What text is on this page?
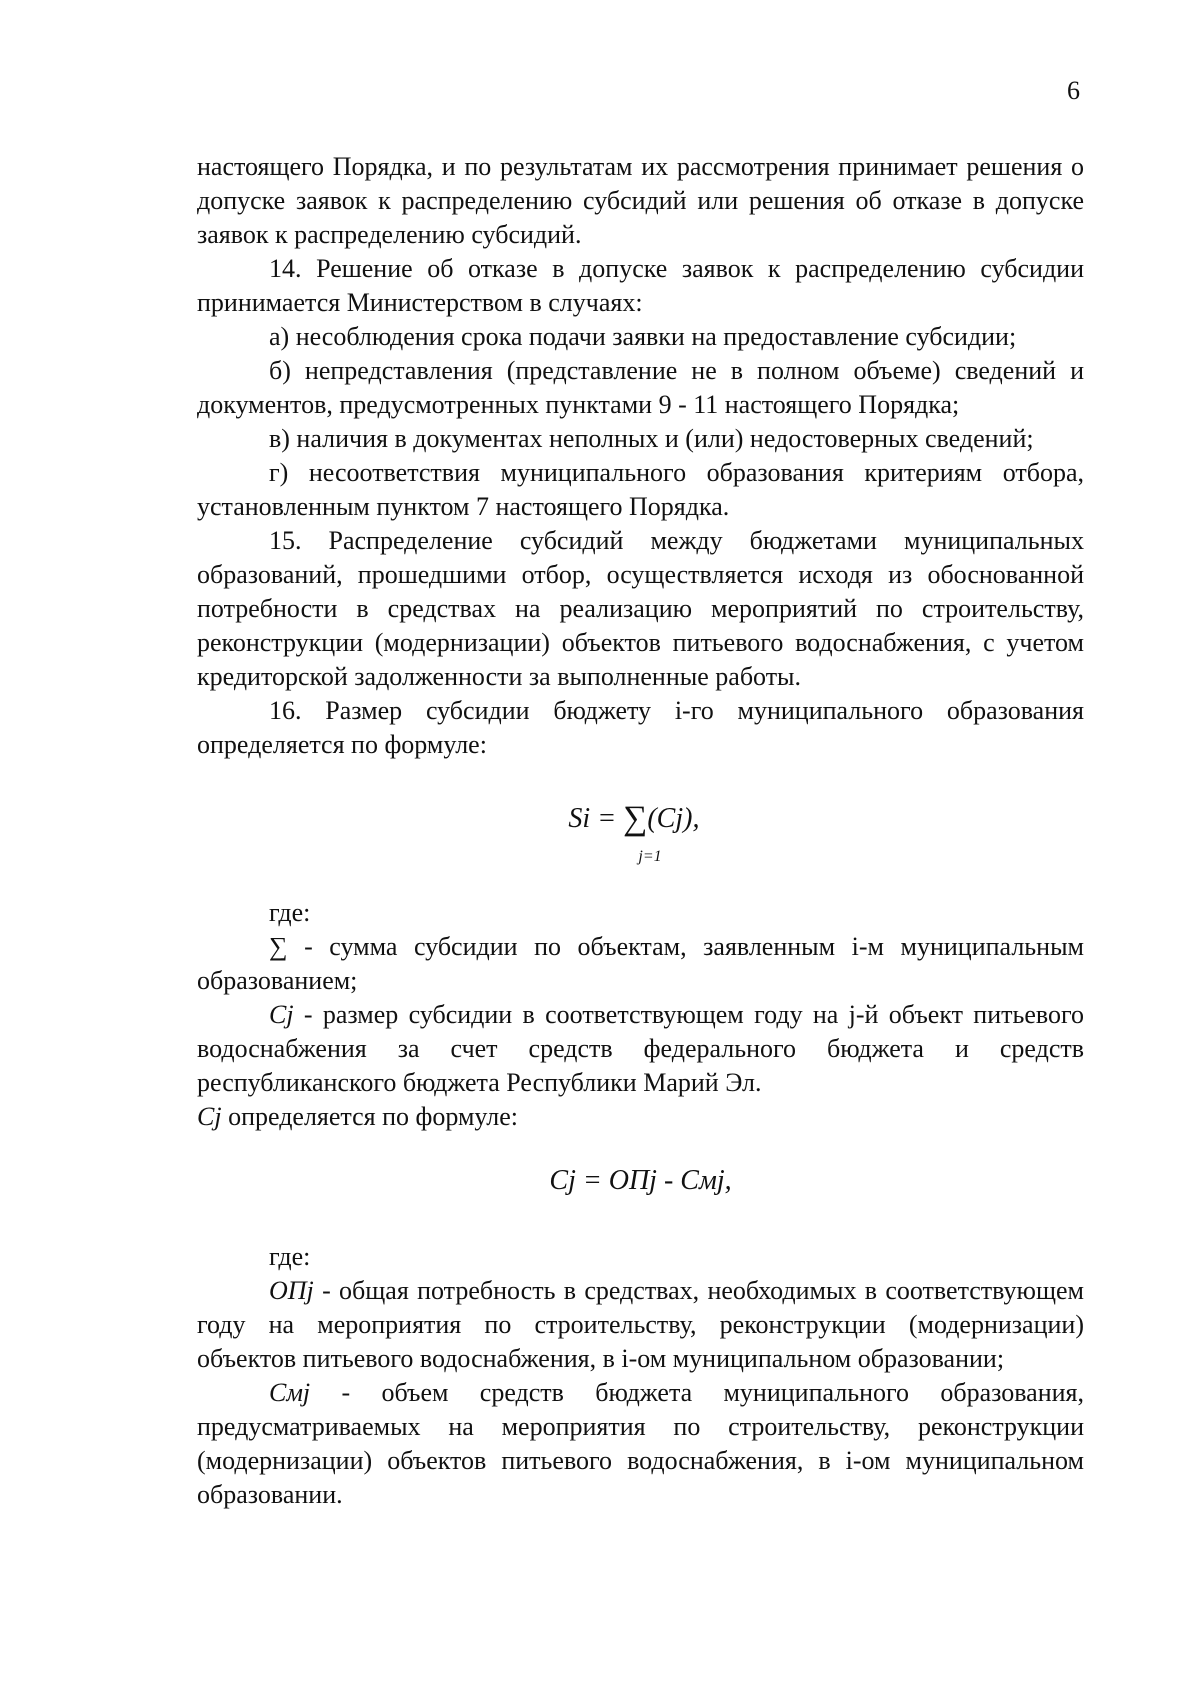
6

настоящего Порядка, и по результатам их рассмотрения принимает решения о допуске заявок к распределению субсидий или решения об отказе в допуске заявок к распределению субсидий.

14. Решение об отказе в допуске заявок к распределению субсидии принимается Министерством в случаях:

а) несоблюдения срока подачи заявки на предоставление субсидии;

б) непредставления (представление не в полном объеме) сведений и документов, предусмотренных пунктами 9 - 11 настоящего Порядка;

в) наличия в документах неполных и (или) недостоверных сведений;

г) несоответствия муниципального образования критериям отбора, установленным пунктом 7 настоящего Порядка.

15. Распределение субсидий между бюджетами муниципальных образований, прошедшими отбор, осуществляется исходя из обоснованной потребности в средствах на реализацию мероприятий по строительству, реконструкции (модернизации) объектов питьевого водоснабжения, с учетом кредиторской задолженности за выполненные работы.

16. Размер субсидии бюджету i-го муниципального образования определяется по формуле:

Si = ∑(Cj),
j=1

где:

∑ - сумма субсидии по объектам, заявленным i-м муниципальным образованием;

Cj - размер субсидии в соответствующем году на j-й объект питьевого водоснабжения за счет средств федерального бюджета и средств республиканского бюджета Республики Марий Эл.

Cj определяется по формуле:

Cj = ОПj - Смj,

где:

ОПj - общая потребность в средствах, необходимых в соответствующем году на мероприятия по строительству, реконструкции (модернизации) объектов питьевого водоснабжения, в i-ом муниципальном образовании;

Смj - объем средств бюджета муниципального образования, предусматриваемых на мероприятия по строительству, реконструкции (модернизации) объектов питьевого водоснабжения, в i-ом муниципальном образовании.
